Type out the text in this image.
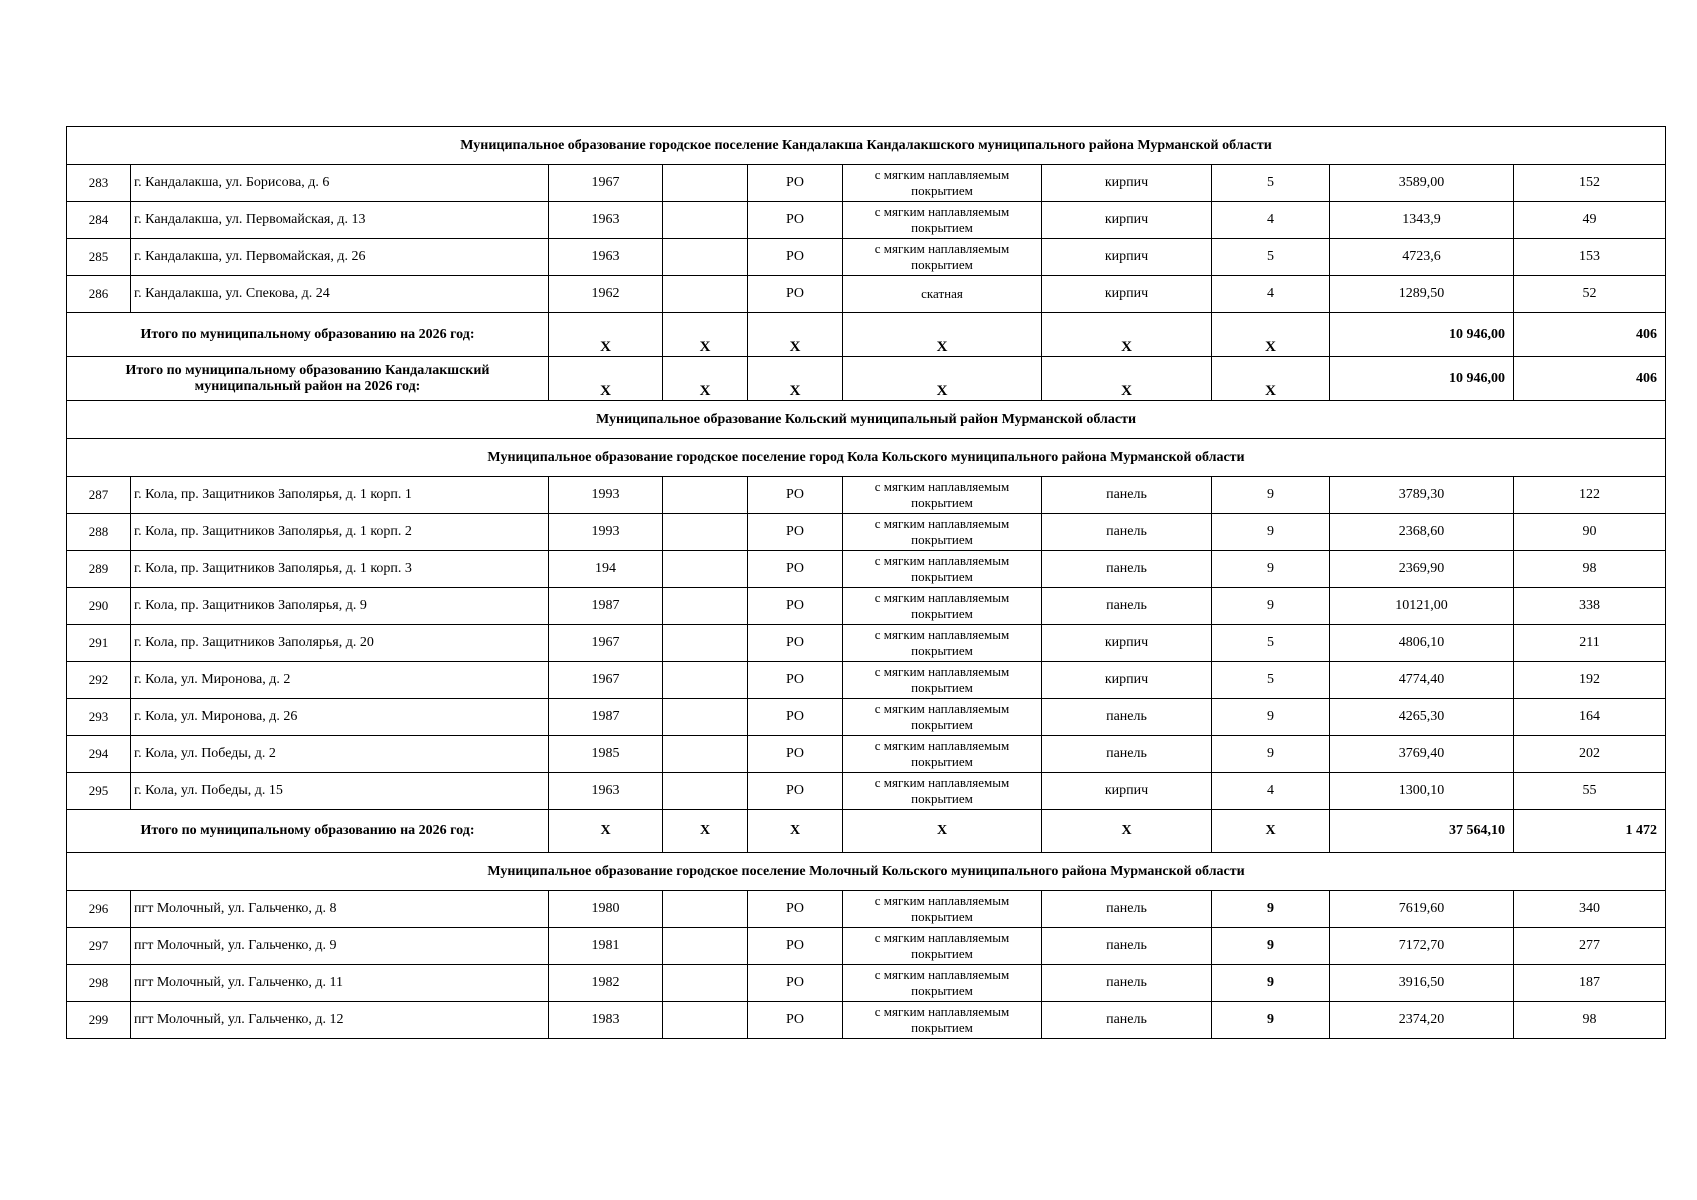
Муниципальное образование городское поселение Кандалакша Кандалакшского муниципального района Мурманской области									
283	г. Кандалакша, ул. Борисова, д. 6	1967		РО	с мягким наплавляемым покрытием	кирпич	5	3589,00	152
284	г. Кандалакша, ул. Первомайская, д. 13	1963		РО	с мягким наплавляемым покрытием	кирпич	4	1343,9	49
285	г. Кандалакша, ул. Первомайская, д. 26	1963		РО	с мягким наплавляемым покрытием	кирпич	5	4723,6	153
286	г. Кандалакша, ул. Спекова, д. 24	1962		РО	скатная	кирпич	4	1289,50	52
Итого по муниципальному образованию на 2026 год:		X	X	X	X	X	X	10 946,00	406
Итого по муниципальному образованию Кандалакшский муниципальный район на 2026 год:		X	X	X	X	X	X	10 946,00	406
Муниципальное образование Кольский муниципальный район Мурманской области									
Муниципальное образование городское поселение город Кола Кольского муниципального района Мурманской области									
287	г. Кола, пр. Защитников Заполярья, д. 1 корп. 1	1993		РО	с мягким наплавляемым покрытием	панель	9	3789,30	122
288	г. Кола, пр. Защитников Заполярья, д. 1 корп. 2	1993		РО	с мягким наплавляемым покрытием	панель	9	2368,60	90
289	г. Кола, пр. Защитников Заполярья, д. 1 корп. 3	194		РО	с мягким наплавляемым покрытием	панель	9	2369,90	98
290	г. Кола, пр. Защитников Заполярья, д. 9	1987		РО	с мягким наплавляемым покрытием	панель	9	10121,00	338
291	г. Кола, пр. Защитников Заполярья, д. 20	1967		РО	с мягким наплавляемым покрытием	кирпич	5	4806,10	211
292	г. Кола, ул. Миронова, д. 2	1967		РО	с мягким наплавляемым покрытием	кирпич	5	4774,40	192
293	г. Кола, ул. Миронова, д. 26	1987		РО	с мягким наплавляемым покрытием	панель	9	4265,30	164
294	г. Кола, ул. Победы, д. 2	1985		РО	с мягким наплавляемым покрытием	панель	9	3769,40	202
295	г. Кола, ул. Победы, д. 15	1963		РО	с мягким наплавляемым покрытием	кирпич	4	1300,10	55
Итого по муниципальному образованию на 2026 год:		X	X	X	X	X	X	37 564,10	1 472
Муниципальное образование городское поселение Молочный Кольского муниципального района Мурманской области									
296	пгт Молочный, ул. Гальченко, д. 8	1980		РО	с мягким наплавляемым покрытием	панель	9	7619,60	340
297	пгт Молочный, ул. Гальченко, д. 9	1981		РО	с мягким наплавляемым покрытием	панель	9	7172,70	277
298	пгт Молочный, ул. Гальченко, д. 11	1982		РО	с мягким наплавляемым покрытием	панель	9	3916,50	187
299	пгт Молочный, ул. Гальченко, д. 12	1983		РО	с мягким наплавляемым покрытием	панель	9	2374,20	98
